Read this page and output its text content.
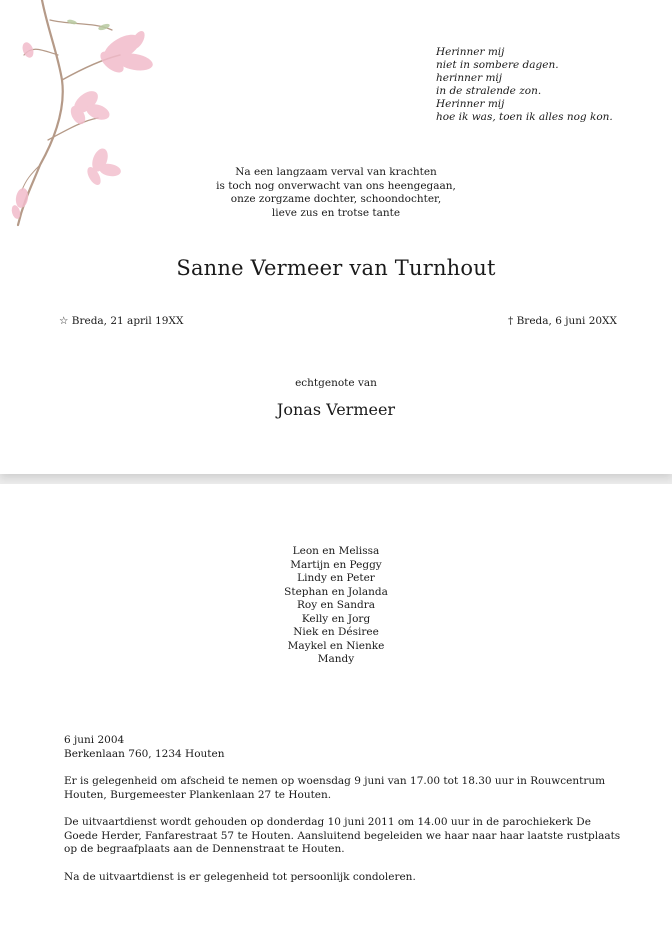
Herinner mij
niet in sombere dagen.
herinner mij
in de stralende zon.
Herinner mij
hoe ik was, toen ik alles nog kon.
Na een langzaam verval van krachten
is toch nog onverwacht van ons heengegaan,
onze zorgzame dochter, schoondochter,
lieve zus en trotse tante
Sanne Vermeer van Turnhout
☆ Breda, 21 april 19XX	† Breda, 6 juni 20XX
echtgenote van
Jonas Vermeer
Leon en Melissa
Martijn en Peggy
Lindy en Peter
Stephan en Jolanda
Roy en Sandra
Kelly en Jorg
Niek en Désiree
Maykel en Nienke
Mandy

6 juni 2004
Berkenlaan 760, 1234 Houten

Er is gelegenheid om afscheid te nemen op woensdag 9 juni van 17.00 tot 18.30 uur in Rouwcentrum Houten, Burgemeester Plankenlaan 27 te Houten.

De uitvaartdienst wordt gehouden op donderdag 10 juni 2011 om 14.00 uur in de parochiekerk De Goede Herder, Fanfarestraat 57 te Houten. Aansluitend begeleiden we haar naar haar laatste rustplaats op de begraafplaats aan de Dennenstraat te Houten.

Na de uitvaartdienst is er gelegenheid tot persoonlijk condoleren.
